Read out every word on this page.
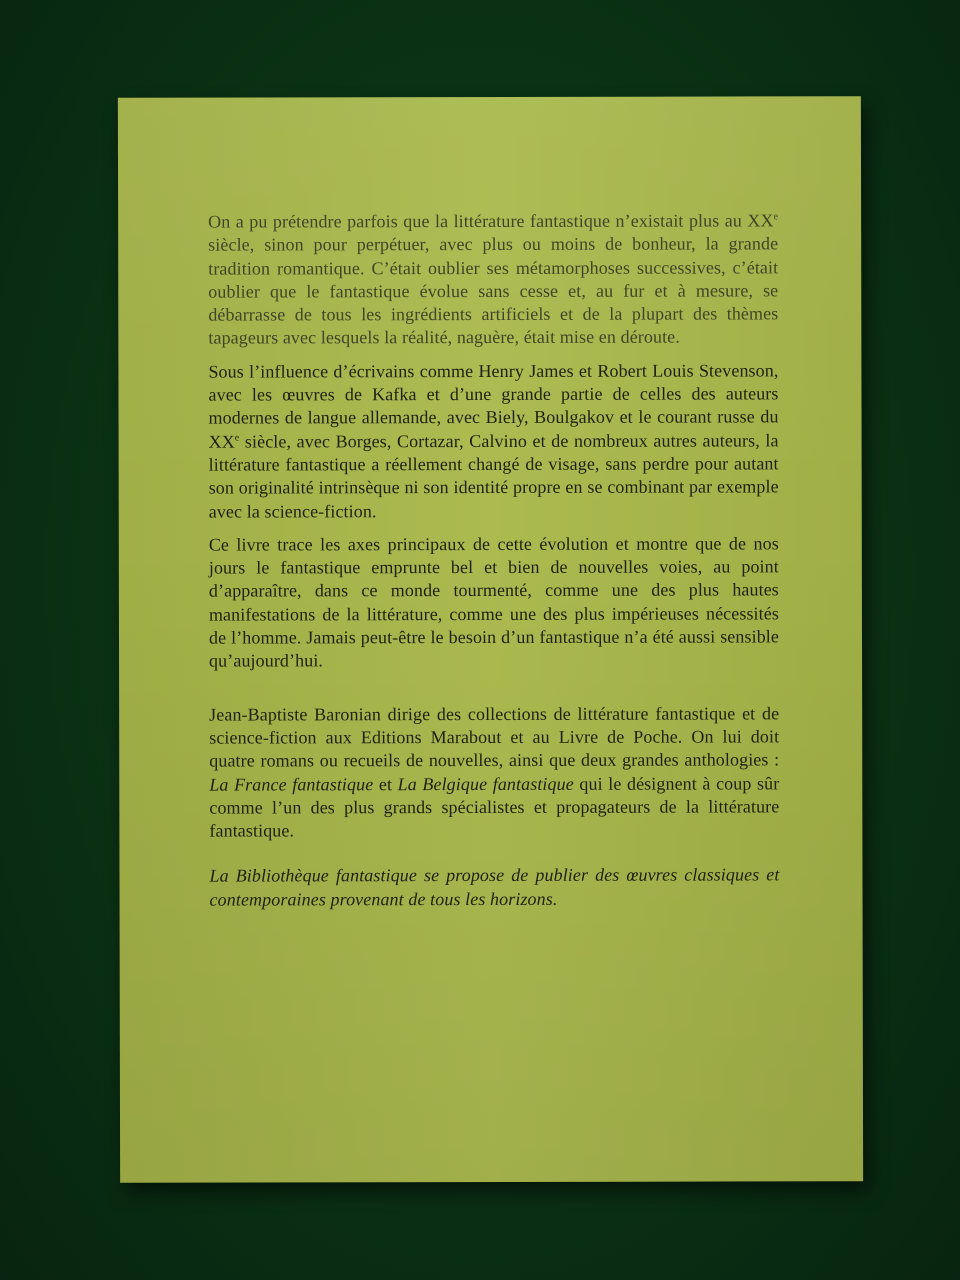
On a pu prétendre parfois que la littérature fantastique n’existait plus au XXe siècle, sinon pour perpétuer, avec plus ou moins de bonheur, la grande tradition romantique. C’était oublier ses métamorphoses successives, c’était oublier que le fantastique évolue sans cesse et, au fur et à mesure, se débarrasse de tous les ingrédients artificiels et de la plupart des thèmes tapageurs avec lesquels la réalité, naguère, était mise en déroute.

Sous l’influence d’écrivains comme Henry James et Robert Louis Stevenson, avec les œuvres de Kafka et d’une grande partie de celles des auteurs modernes de langue allemande, avec Biely, Boulgakov et le courant russe du XXe siècle, avec Borges, Cortazar, Calvino et de nombreux autres auteurs, la littérature fantastique a réellement changé de visage, sans perdre pour autant son originalité intrinsèque ni son identité propre en se combinant par exemple avec la science-fiction.

Ce livre trace les axes principaux de cette évolution et montre que de nos jours le fantastique emprunte bel et bien de nouvelles voies, au point d’apparaître, dans ce monde tourmenté, comme une des plus hautes manifestations de la littérature, comme une des plus impérieuses nécessités de l’homme. Jamais peut-être le besoin d’un fantastique n’a été aussi sensible qu’aujourd’hui.

Jean-Baptiste Baronian dirige des collections de littérature fantastique et de science-fiction aux Editions Marabout et au Livre de Poche. On lui doit quatre romans ou recueils de nouvelles, ainsi que deux grandes anthologies : La France fantastique et La Belgique fantastique qui le désignent à coup sûr comme l’un des plus grands spécialistes et propagateurs de la littérature fantastique.

La Bibliothèque fantastique se propose de publier des œuvres classiques et contemporaines provenant de tous les horizons.
